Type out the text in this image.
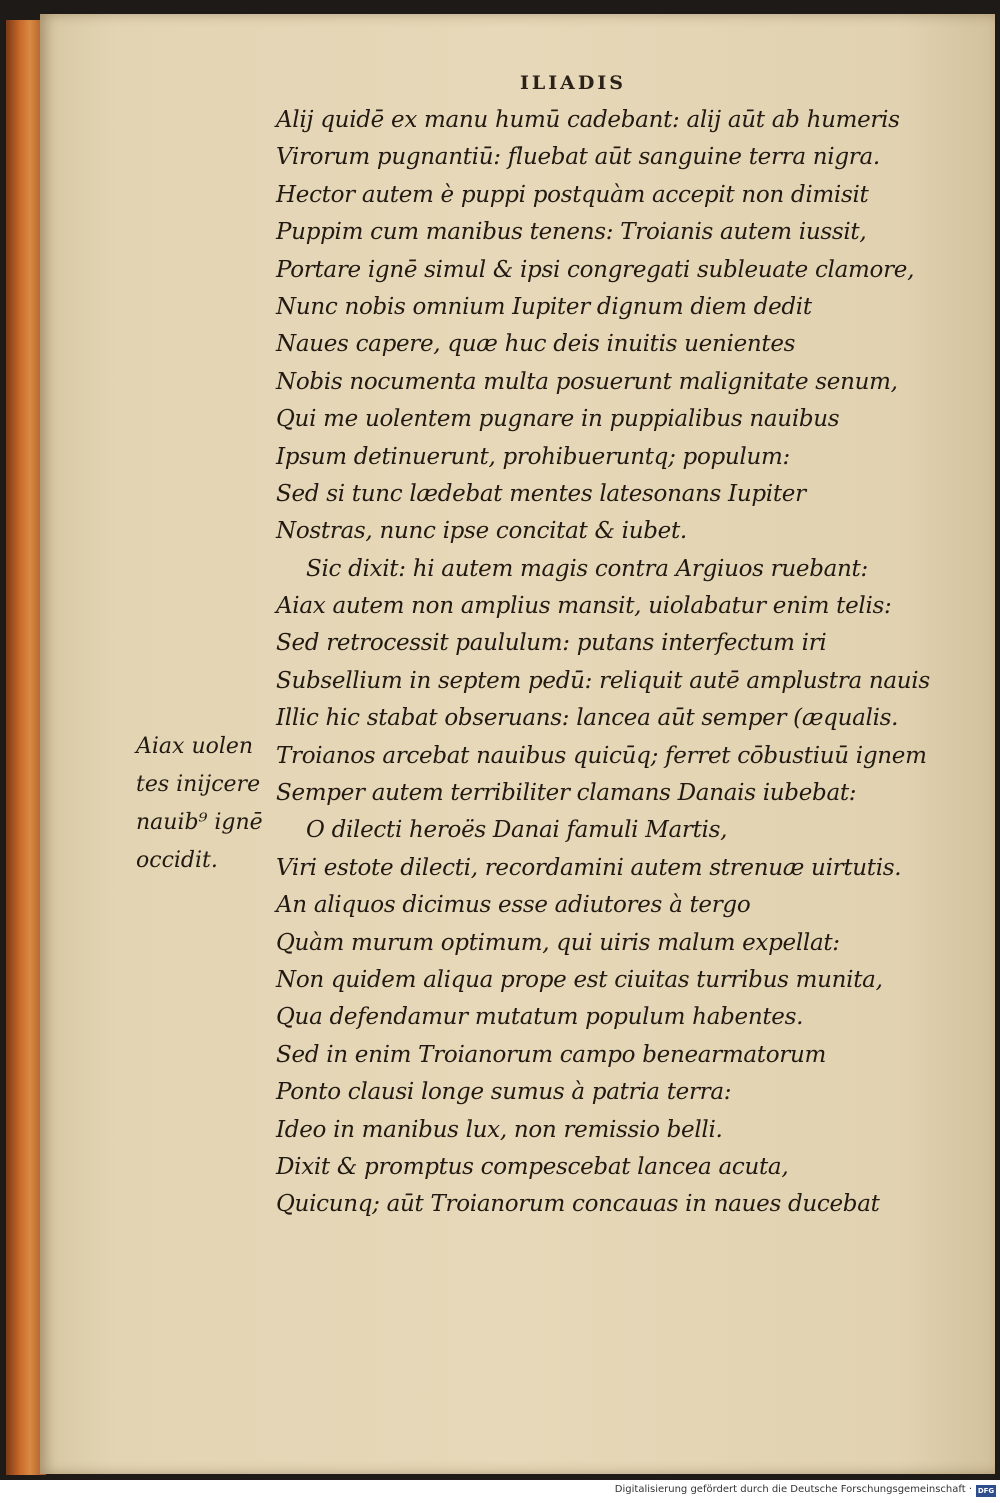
ILIADIS
Alij quidē ex manu humū cadebant: alij aūt ab humeris
Virorum pugnantiū: fluebat aūt sanguine terra nigra.
Hector autem è puppi postquàm accepit non dimisit
Puppim cum manibus tenens: Troianis autem iussit,
Portare ignē simul & ipsi congregati subleuate clamore,
Nunc nobis omnium Iupiter dignum diem dedit
Naues capere, quæ huc deis inuitis uenientes
Nobis nocumenta multa posuerunt malignitate senum,
Qui me uolentem pugnare in puppialibus nauibus
Ipsum detinuerunt, prohibueruntq; populum:
Sed si tunc lædebat mentes latesonans Iupiter
Nostras, nunc ipse concitat & iubet.
Sic dixit: hi autem magis contra Argiuos ruebant:
Aiax autem non amplius mansit, uiolabatur enim telis:
Sed retrocessit paululum: putans interfectum iri
Subsellium in septem pedū: reliquit autē amplustra nauis
Illic hic stabat obseruans: lancea aūt semper (æqualis.
Troianos arcebat nauibus quicūq; ferret cōbustiuū ignem
Semper autem terribiliter clamans Danais iubebat:
O dilecti heroës Danai famuli Martis,
Viri estote dilecti, recordamini autem strenuæ uirtutis.
An aliquos dicimus esse adiutores à tergo
Quàm murum optimum, qui uiris malum expellat:
Non quidem aliqua prope est ciuitas turribus munita,
Qua defendamur mutatum populum habentes.
Sed in enim Troianorum campo benearmatorum
Ponto clausi longe sumus à patria terra:
Ideo in manibus lux, non remissio belli.
Dixit & promptus compescebat lancea acuta,
Quicunq; aūt Troianorum concauas in naues ducebat
Aiax uolen
tes inijcere
nauib⁹ ignē
occidit.
Digitalisierung gefördert durch die Deutsche Forschungsgemeinschaft · DFG
